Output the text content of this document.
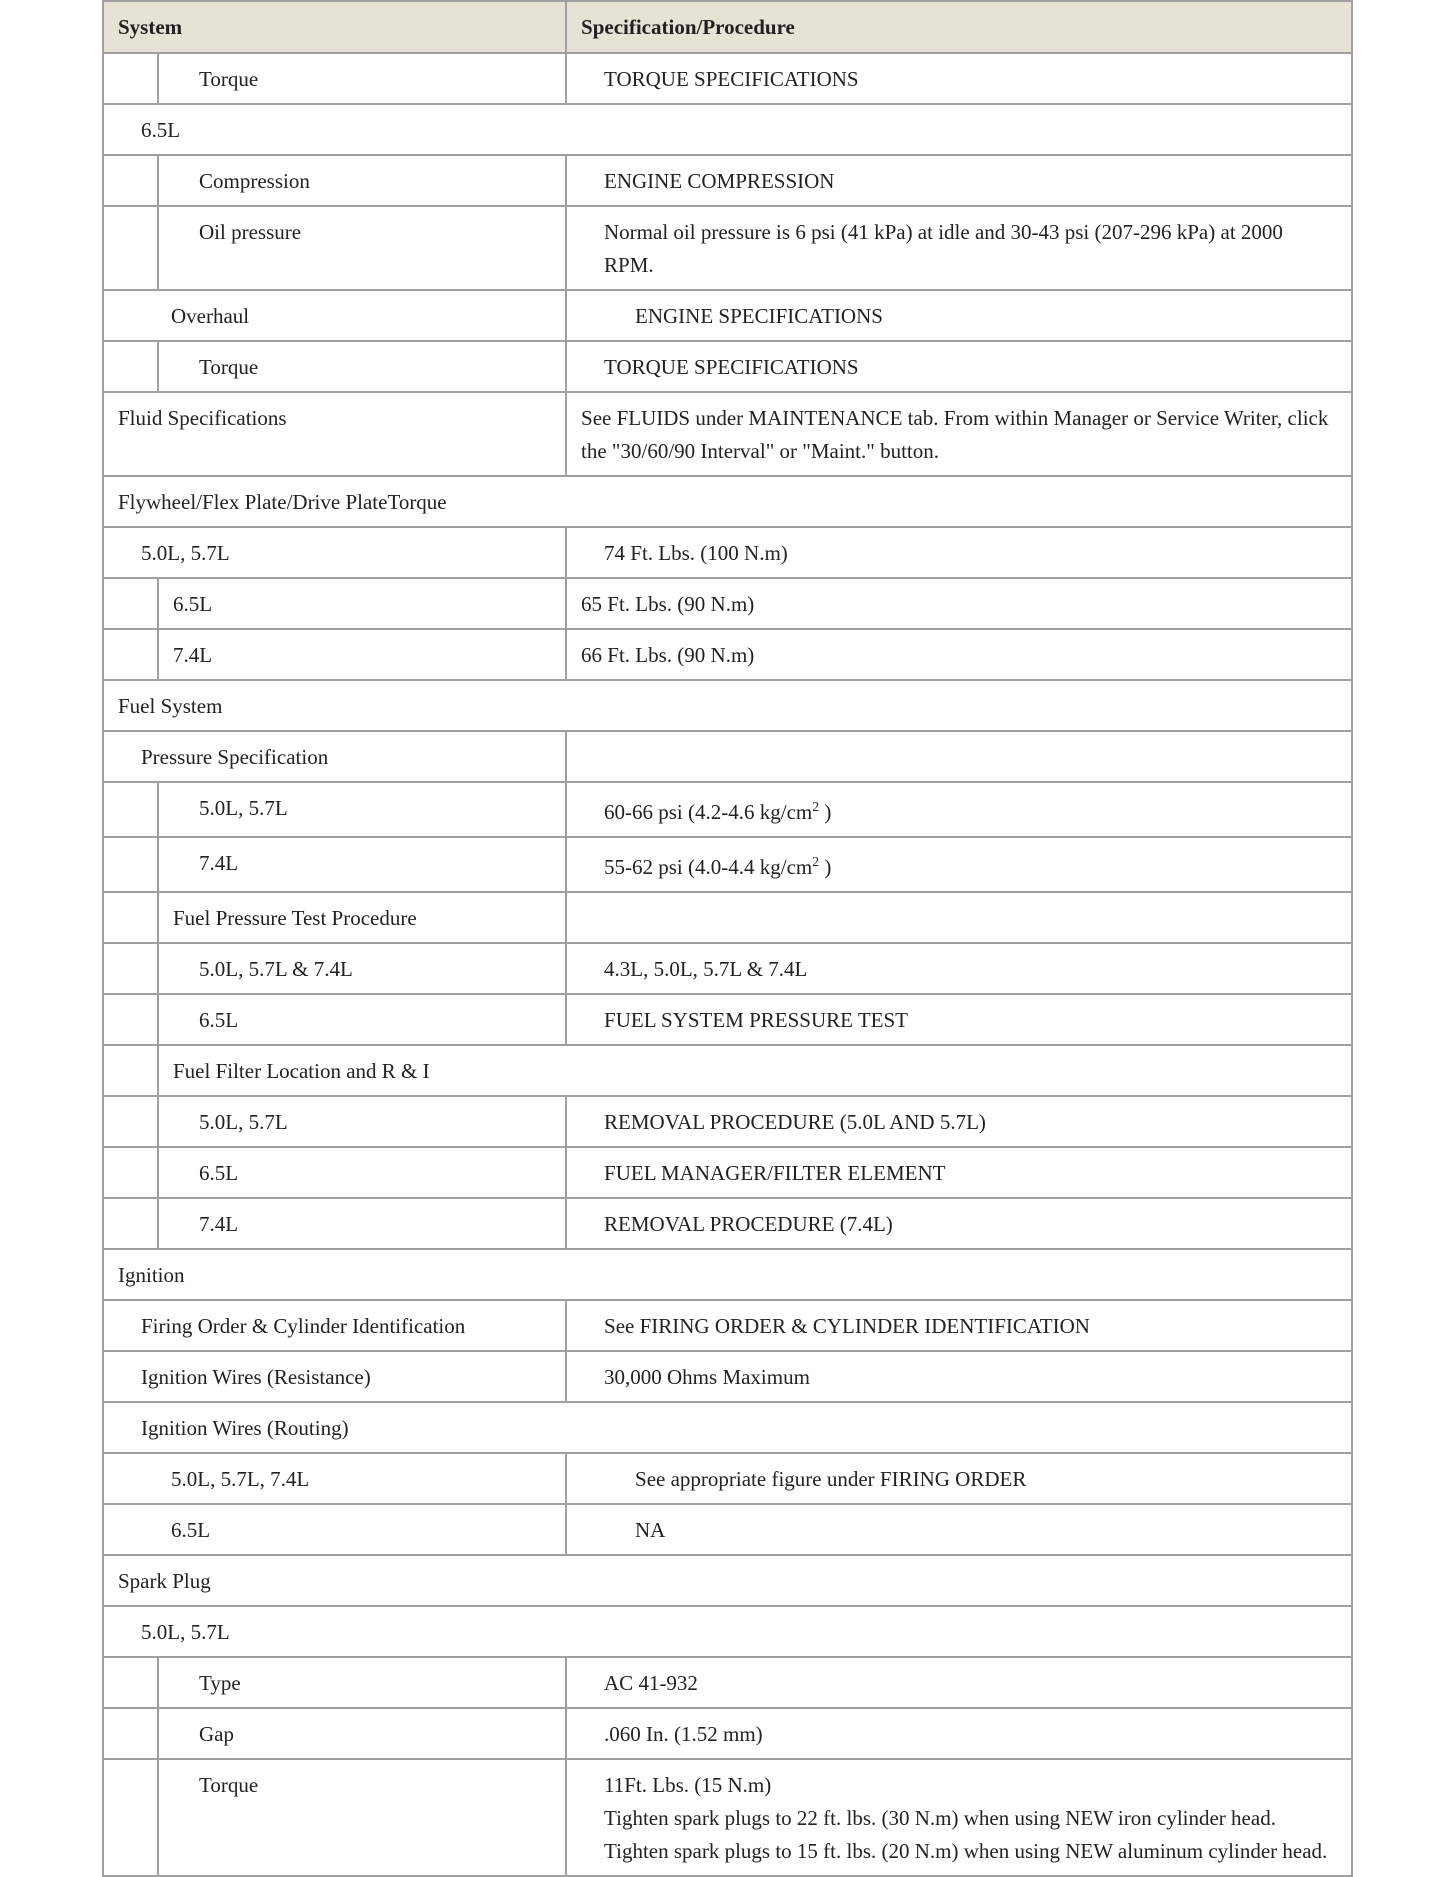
System		Specification/Procedure
	Torque	TORQUE SPECIFICATIONS
6.5L		
	Compression	ENGINE COMPRESSION
	Oil pressure	Normal oil pressure is 6 psi (41 kPa) at idle and 30-43 psi (207-296 kPa) at 2000 RPM.
Overhaul		ENGINE SPECIFICATIONS
	Torque	TORQUE SPECIFICATIONS
Fluid Specifications		See FLUIDS under MAINTENANCE tab. From within Manager or Service Writer, click the "30/60/90 Interval" or "Maint." button.
Flywheel/Flex Plate/Drive PlateTorque		
5.0L, 5.7L		74 Ft. Lbs. (100 N.m)
	6.5L	65 Ft. Lbs. (90 N.m)
	7.4L	66 Ft. Lbs. (90 N.m)
Fuel System		
Pressure Specification		
	5.0L, 5.7L	60-66 psi (4.2-4.6 $kg/cm^2$ )
	7.4L	55-62 psi (4.0-4.4 $kg/cm^2$ )
	Fuel Pressure Test Procedure	
	5.0L, 5.7L & 7.4L	4.3L, 5.0L, 5.7L & 7.4L
	6.5L	FUEL SYSTEM PRESSURE TEST
	Fuel Filter Location and R & I	
	5.0L, 5.7L	REMOVAL PROCEDURE (5.0L AND 5.7L)
	6.5L	FUEL MANAGER/FILTER ELEMENT
	7.4L	REMOVAL PROCEDURE (7.4L)
Ignition		
Firing Order & Cylinder Identification		See FIRING ORDER & CYLINDER IDENTIFICATION
Ignition Wires (Resistance)		30,000 Ohms Maximum
Ignition Wires (Routing)		
5.0L, 5.7L, 7.4L		See appropriate figure under FIRING ORDER
6.5L		NA
Spark Plug		
5.0L, 5.7L		
	Type	AC 41-932
	Gap	.060 In. (1.52 mm)
	Torque	11Ft. Lbs. (15 N.m)
Tighten spark plugs to 22 ft. lbs. (30 N.m) when using NEW iron cylinder head.
Tighten spark plugs to 15 ft. lbs. (20 N.m) when using NEW aluminum cylinder head.
